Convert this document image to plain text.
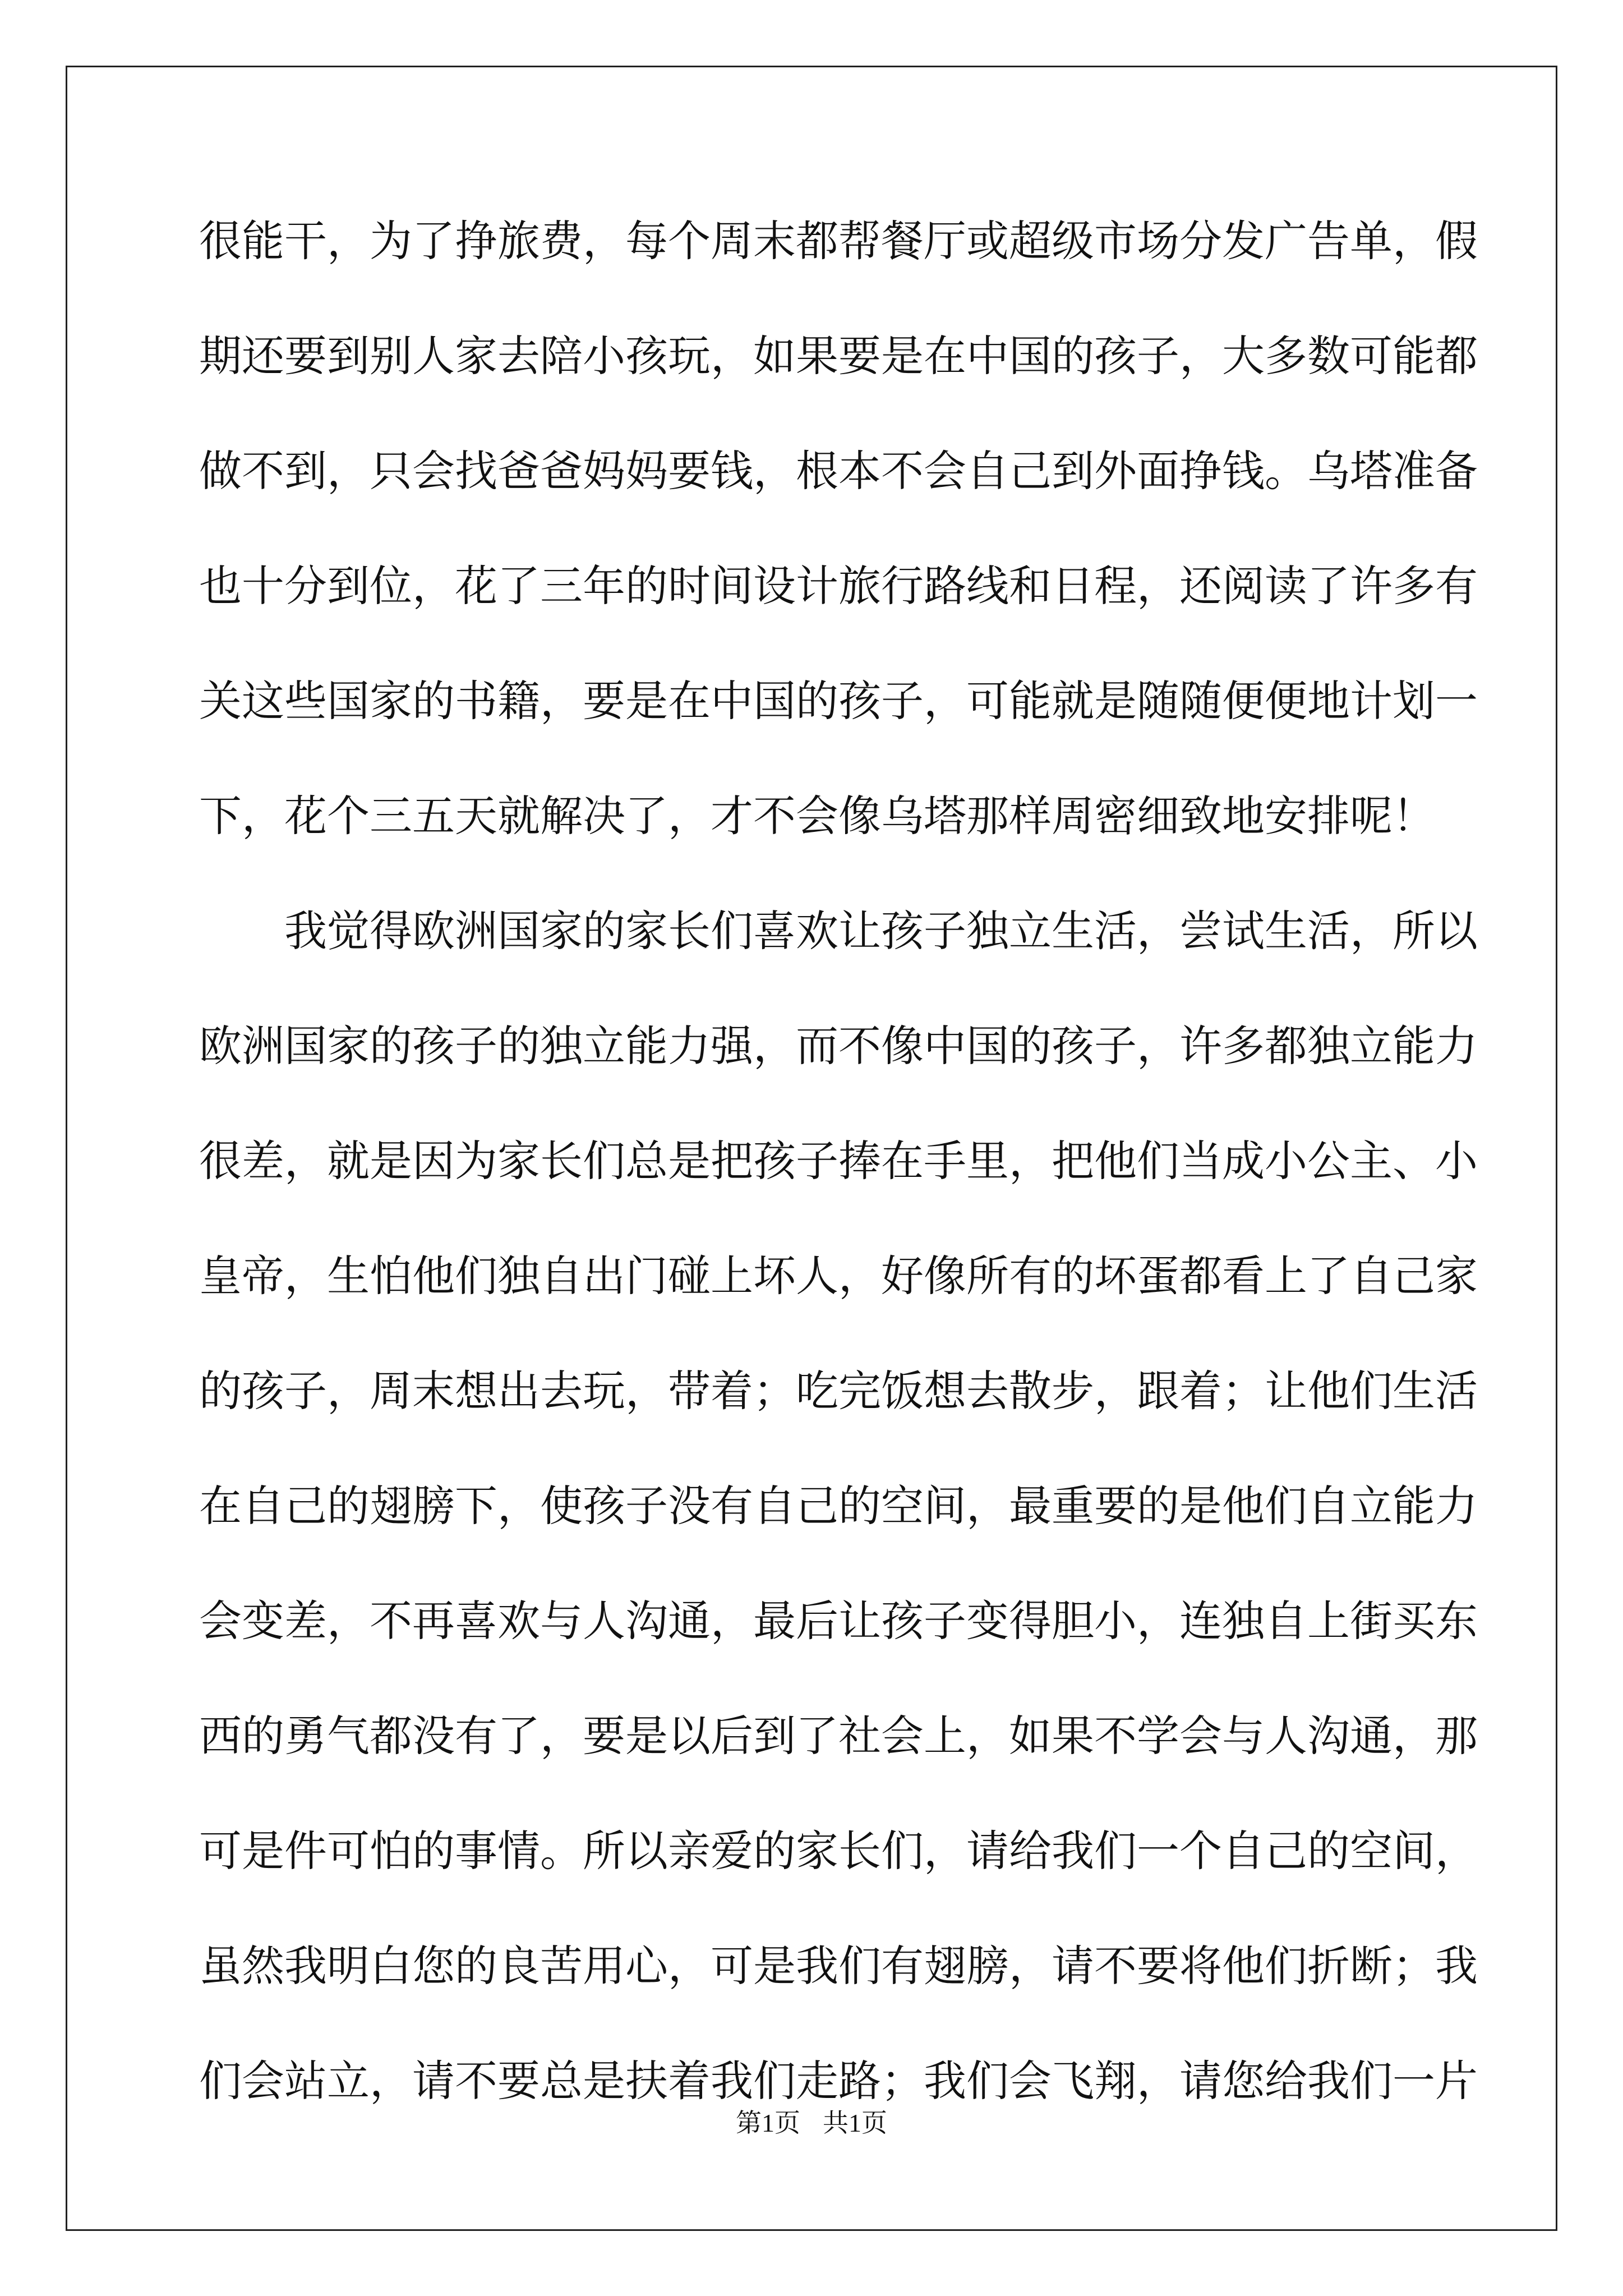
很能干，为了挣旅费，每个周末都帮餐厅或超级市场分发广告单，假
期还要到别人家去陪小孩玩，如果要是在中国的孩子，大多数可能都
做不到，只会找爸爸妈妈要钱，根本不会自己到外面挣钱。乌塔准备
也十分到位，花了三年的时间设计旅行路线和日程，还阅读了许多有
关这些国家的书籍，要是在中国的孩子，可能就是随随便便地计划一
下，花个三五天就解决了，才不会像乌塔那样周密细致地安排呢！
　　我觉得欧洲国家的家长们喜欢让孩子独立生活，尝试生活，所以
欧洲国家的孩子的独立能力强，而不像中国的孩子，许多都独立能力
很差，就是因为家长们总是把孩子捧在手里，把他们当成小公主、小
皇帝，生怕他们独自出门碰上坏人，好像所有的坏蛋都看上了自己家
的孩子，周末想出去玩，带着；吃完饭想去散步，跟着；让他们生活
在自己的翅膀下，使孩子没有自己的空间，最重要的是他们自立能力
会变差，不再喜欢与人沟通，最后让孩子变得胆小，连独自上街买东
西的勇气都没有了，要是以后到了社会上，如果不学会与人沟通，那
可是件可怕的事情。所以亲爱的家长们，请给我们一个自己的空间，
虽然我明白您的良苦用心，可是我们有翅膀，请不要将他们折断；我
们会站立，请不要总是扶着我们走路；我们会飞翔，请您给我们一片
第1页 共1页
